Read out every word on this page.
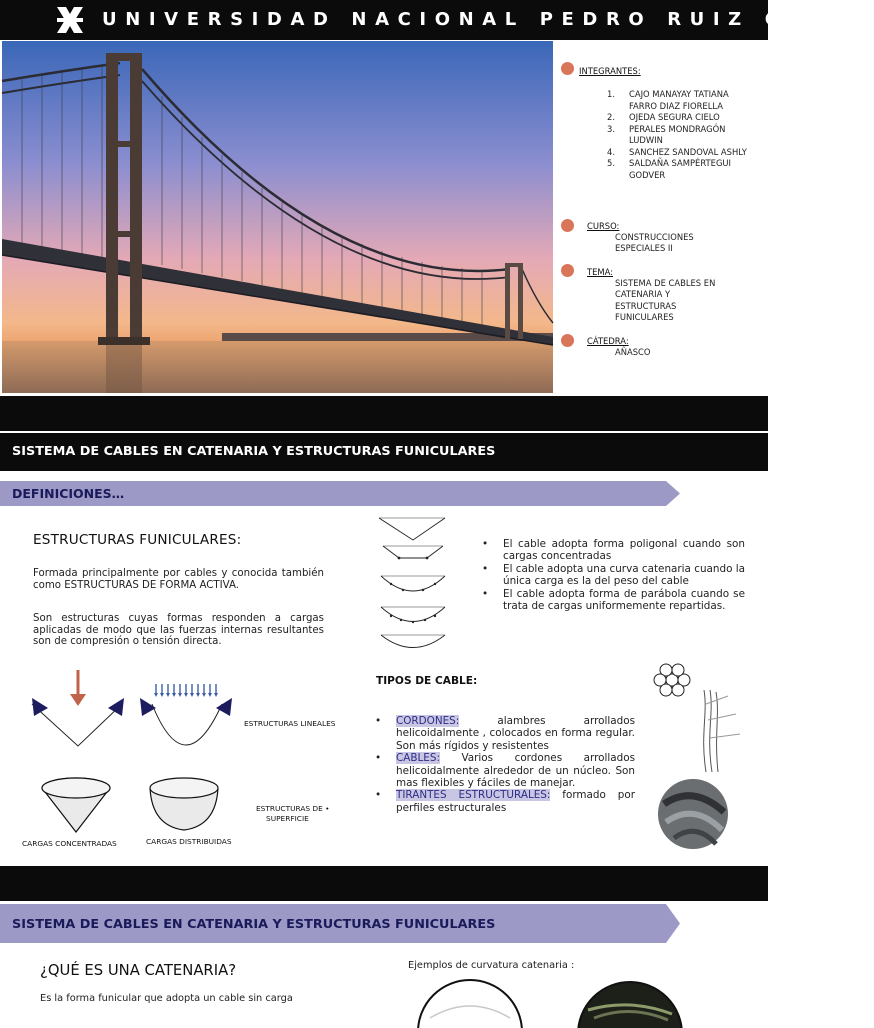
UNIVERSIDAD NACIONAL PEDRO RUIZ GALLO
INTEGRANTES:
1. CAJO MANAYAY TATIANA
FARRO DIAZ FIORELLA
2. OJEDA SEGURA CIELO
3. PERALES MONDRAGÓN
LUDWIN
4. SANCHEZ SANDOVAL ASHLY
5. SALDAÑA SAMPÉRTEGUI
GODVER
CURSO:
CONSTRUCCIONES
ESPECIALES II
TEMA:
SISTEMA DE CABLES EN
CATENARIA Y
ESTRUCTURAS
FUNICULARES
CÁTEDRA:
AÑASCO
SISTEMA DE CABLES EN CATENARIA Y ESTRUCTURAS FUNICULARES
DEFINICIONES…
ESTRUCTURAS FUNICULARES:

Formada principalmente por cables y conocida también como ESTRUCTURAS DE FORMA ACTIVA.

Son estructuras cuyas formas responden a cargas aplicadas de modo que las fuerzas internas resultantes son de compresión o tensión directa.

ESTRUCTURAS LINEALES
ESTRUCTURAS DE •
SUPERFICIE
CARGAS CONCENTRADAS	CARGAS DISTRIBUIDAS
• El cable adopta forma poligonal cuando son cargas concentradas
• El cable adopta una curva catenaria cuando la única carga es la del peso del cable
• El cable adopta forma de parábola cuando se trata de cargas uniformemente repartidas.
TIPOS DE CABLE:
• CORDONES: alambres arrollados helicoidalmente , colocados en forma regular. Son más rígidos y resistentes
• CABLES: Varios cordones arrollados helicoidalmente alrededor de un núcleo. Son mas flexibles y fáciles de manejar.
• TIRANTES ESTRUCTURALES: formado por perfiles estructurales
SISTEMA DE CABLES EN CATENARIA Y ESTRUCTURAS FUNICULARES
¿QUÉ ES UNA CATENARIA?
Es la forma funicular que adopta un cable sin carga
Ejemplos de curvatura catenaria :
